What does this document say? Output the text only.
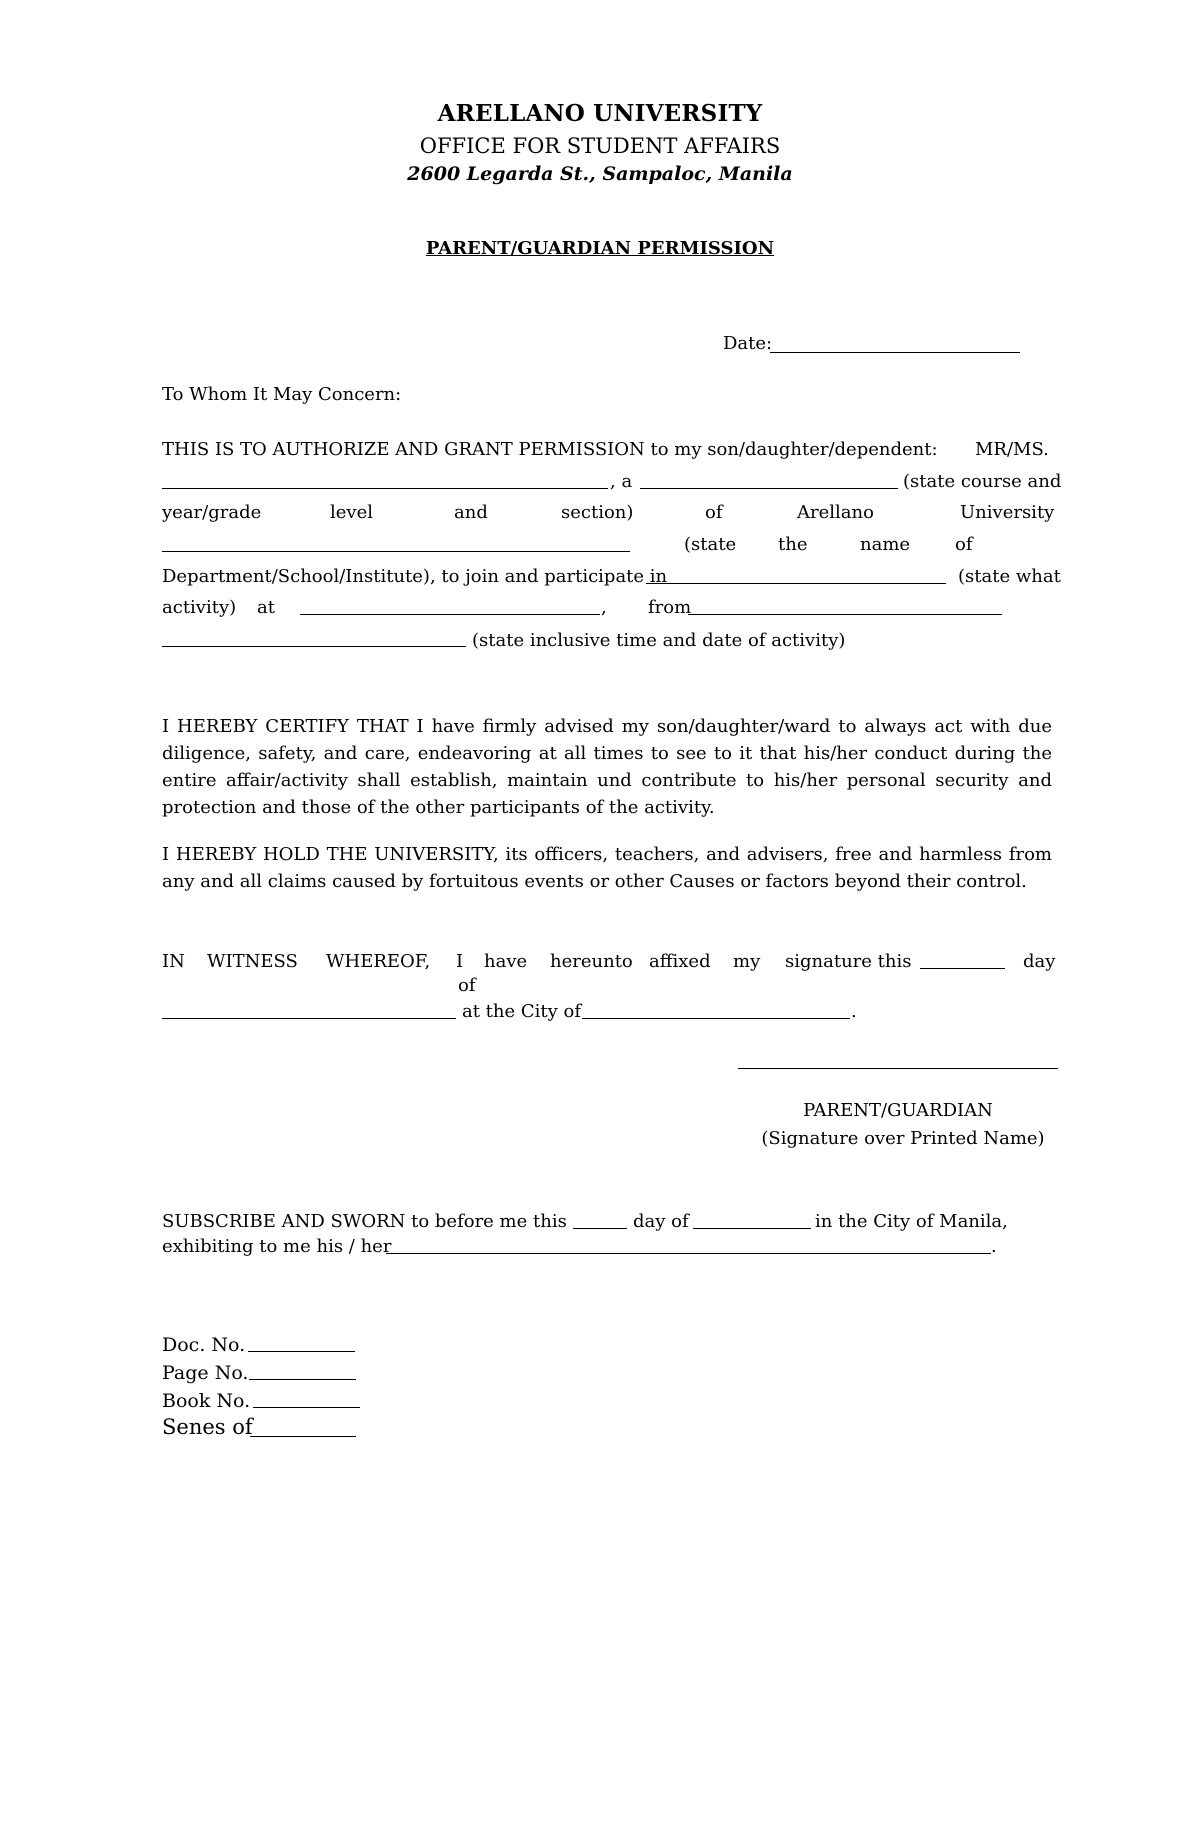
ARELLANO UNIVERSITY
OFFICE FOR STUDENT AFFAIRS
2600 Legarda St., Sampaloc, Manila
PARENT/GUARDIAN PERMISSION
Date:
To Whom It May Concern:
THIS IS TO AUTHORIZE AND GRANT PERMISSION to my son/daughter/dependent: MR/MS.
, a	(state course and
year/grade	level	and	section)	of	Arellano	University
(state the	name of
Department/School/Institute), to join and participate in	(state what
activity) at	, from
(state inclusive time and date of activity)
I HEREBY CERTIFY THAT I have firmly advised my son/daughter/ward to always act with due diligence, safety, and care, endeavoring at all times to see to it that his/her conduct during the entire affair/activity shall establish, maintain und contribute to his/her personal security and protection and those of the other participants of the activity.
I HEREBY HOLD THE UNIVERSITY, its officers, teachers, and advisers, free and harmless from any and all claims caused by fortuitous events or other Causes or factors beyond their control.
IN WITNESS WHEREOF, I have hereunto affixed my signature this	day
of
at the City of	.
PARENT/GUARDIAN
(Signature over Printed Name)
SUBSCRIBE AND SWORN to before me this	day of	in the City of Manila,
exhibiting to me his / her	.
Doc. No.
Page No.
Book No.
Senes of
